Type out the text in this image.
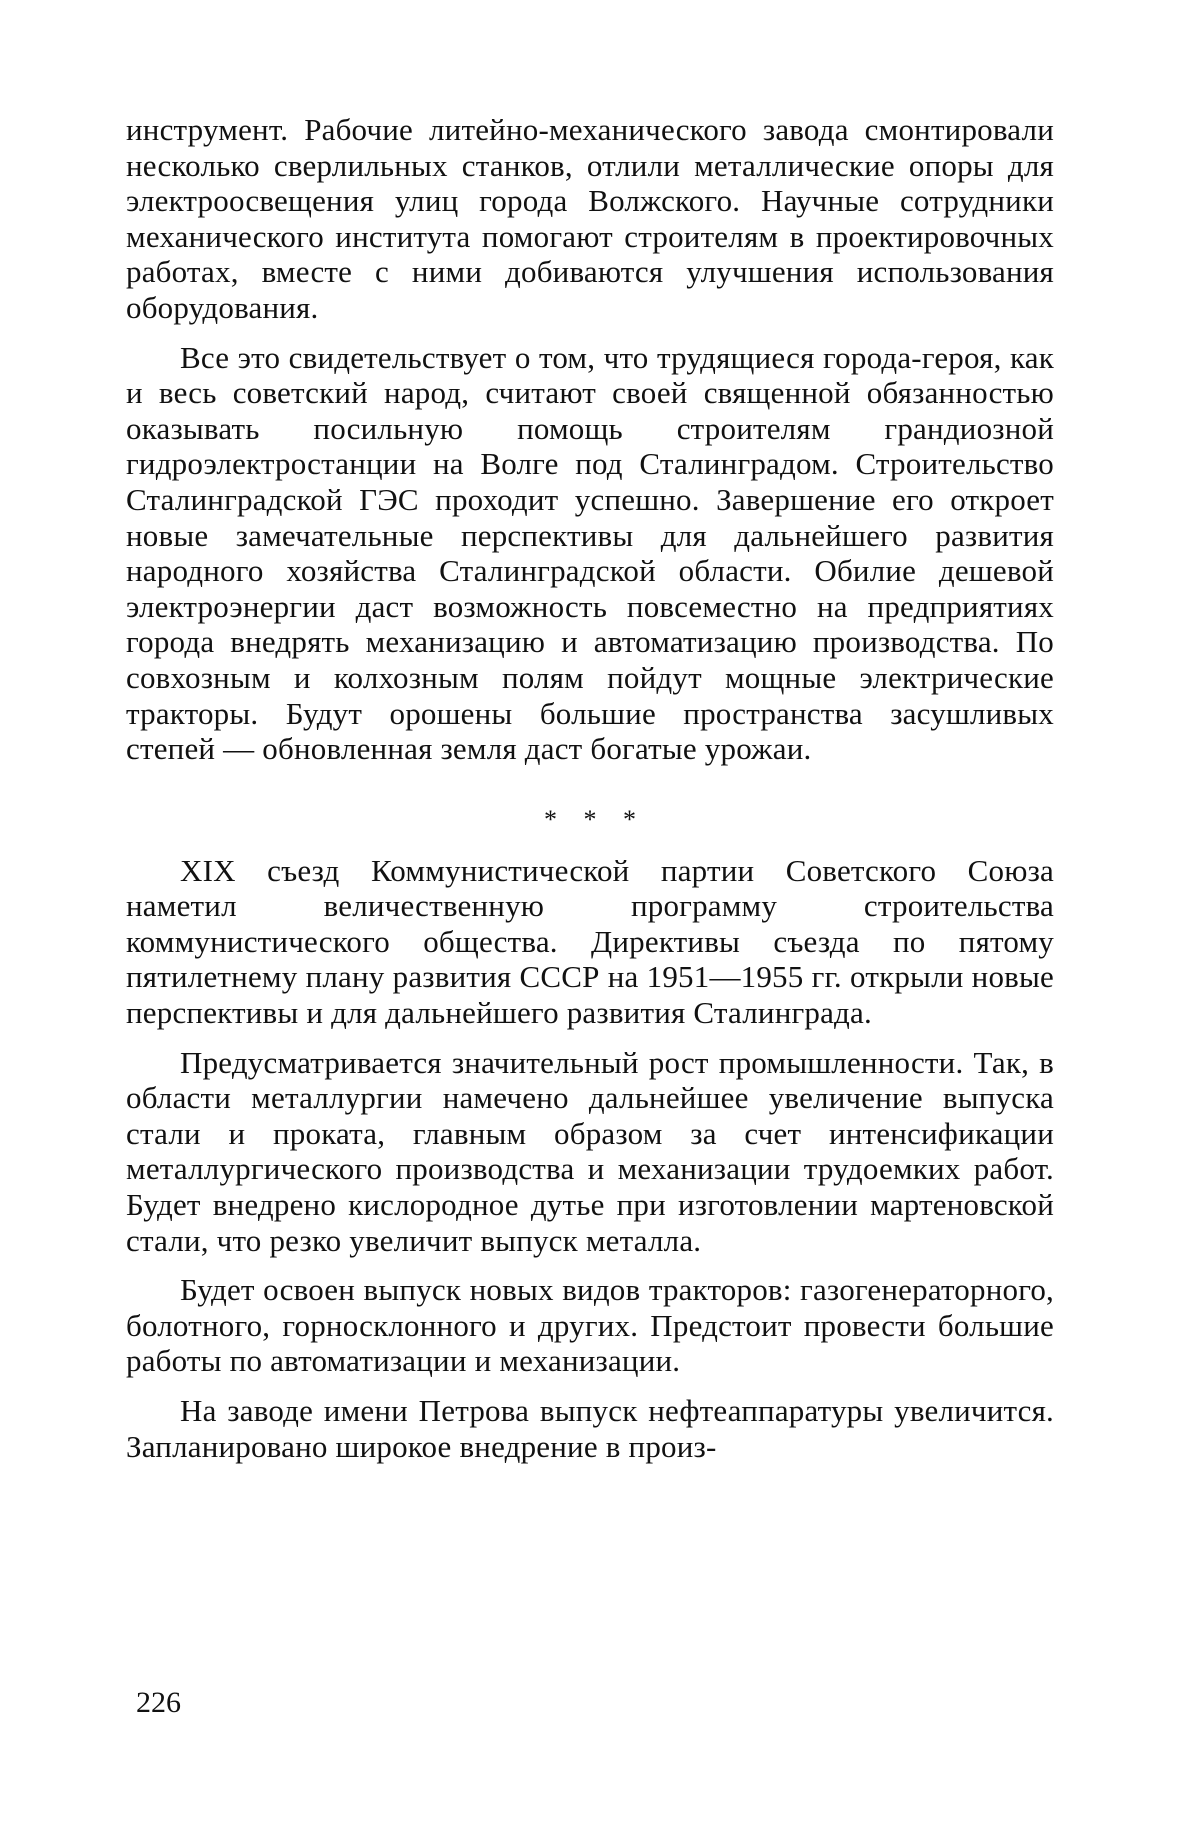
инструмент. Рабочие литейно-механического завода смонтировали несколько сверлильных станков, отлили металлические опоры для электроосвещения улиц города Волжского. Научные сотрудники механического института помогают строителям в проектировочных работах, вместе с ними добиваются улучшения использования оборудования.

Все это свидетельствует о том, что трудящиеся города-героя, как и весь советский народ, считают своей священной обязанностью оказывать посильную помощь строителям грандиозной гидроэлектростанции на Волге под Сталинградом. Строительство Сталинградской ГЭС проходит успешно. Завершение его откроет новые замечательные перспективы для дальнейшего развития народного хозяйства Сталинградской области. Обилие дешевой электроэнергии даст возможность повсеместно на предприятиях города внедрять механизацию и автоматизацию производства. По совхозным и колхозным полям пойдут мощные электрические тракторы. Будут орошены большие пространства засушливых степей — обновленная земля даст богатые урожаи.

* * *

XIX съезд Коммунистической партии Советского Союза наметил величественную программу строительства коммунистического общества. Директивы съезда по пятому пятилетнему плану развития СССР на 1951—1955 гг. открыли новые перспективы и для дальнейшего развития Сталинграда.

Предусматривается значительный рост промышленности. Так, в области металлургии намечено дальнейшее увеличение выпуска стали и проката, главным образом за счет интенсификации металлургического производства и механизации трудоемких работ. Будет внедрено кислородное дутье при изготовлении мартеновской стали, что резко увеличит выпуск металла.

Будет освоен выпуск новых видов тракторов: газогенераторного, болотного, горносклонного и других. Предстоит провести большие работы по автоматизации и механизации.

На заводе имени Петрова выпуск нефтеаппаратуры увеличится. Запланировано широкое внедрение в произ-

226
